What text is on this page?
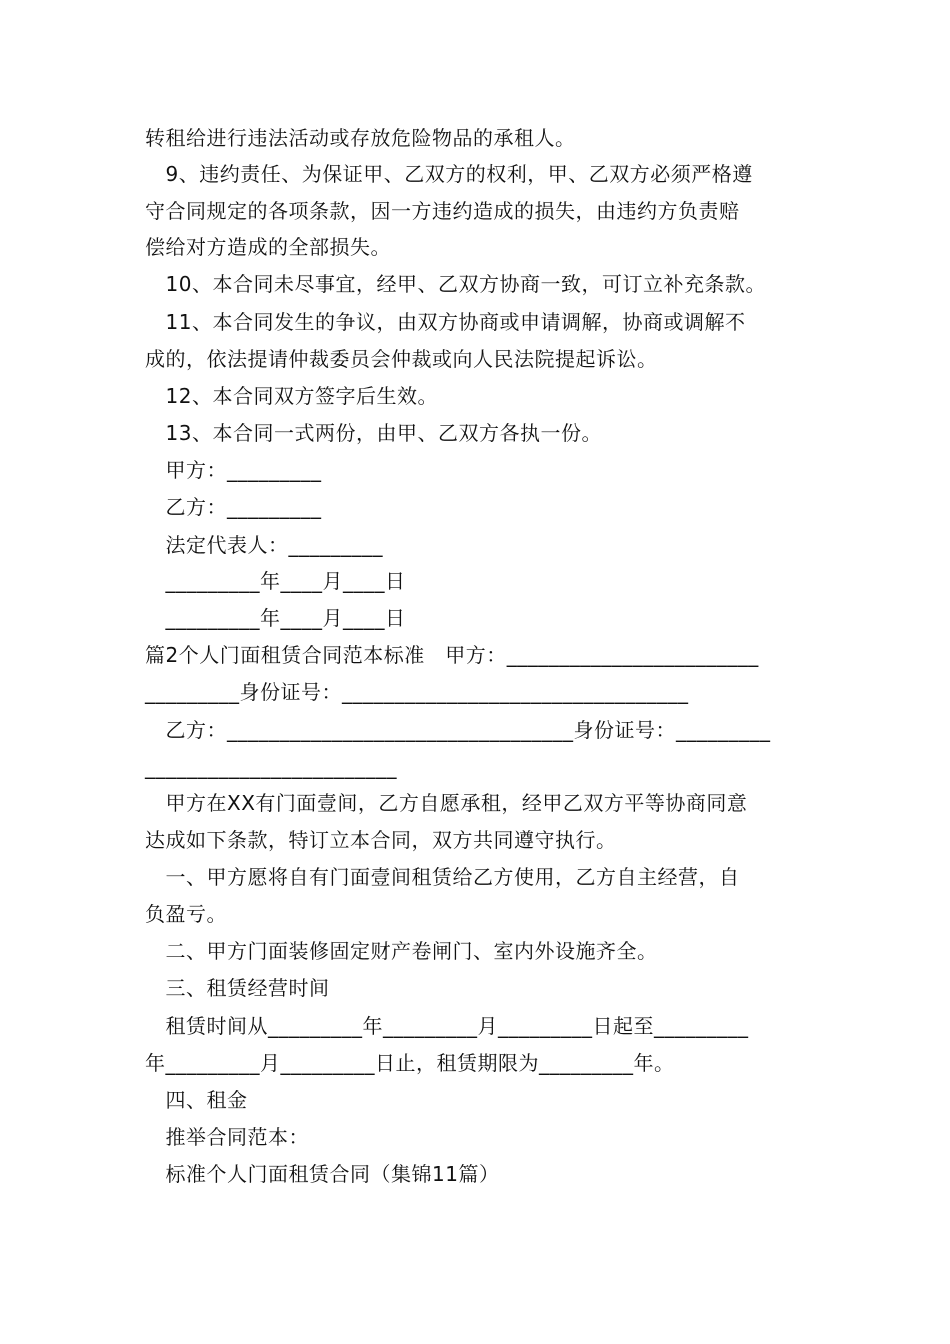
转租给进行违法活动或存放危险物品的承租人。
　9、违约责任、为保证甲、乙双方的权利，甲、乙双方必须严格遵
守合同规定的各项条款，因一方违约造成的损失，由违约方负责赔
偿给对方造成的全部损失。
　10、本合同未尽事宜，经甲、乙双方协商一致，可订立补充条款。
　11、本合同发生的争议，由双方协商或申请调解，协商或调解不
成的，依法提请仲裁委员会仲裁或向人民法院提起诉讼。
　12、本合同双方签字后生效。
　13、本合同一式两份，由甲、乙双方各执一份。
　甲方：_________
　乙方：_________
　法定代表人：_________
　_________年____月____日
　_________年____月____日
篇2个人门面租赁合同范本标准　甲方：________________________
_________身份证号：_________________________________
　乙方：_________________________________身份证号：_________
________________________
　甲方在XX有门面壹间，乙方自愿承租，经甲乙双方平等协商同意
达成如下条款，特订立本合同，双方共同遵守执行。
　一、甲方愿将自有门面壹间租赁给乙方使用，乙方自主经营，自
负盈亏。
　二、甲方门面装修固定财产卷闸门、室内外设施齐全。
　三、租赁经营时间
　租赁时间从_________年_________月_________日起至_________
年_________月_________日止，租赁期限为_________年。
　四、租金
　推举合同范本：
　标准个人门面租赁合同（集锦11篇）
